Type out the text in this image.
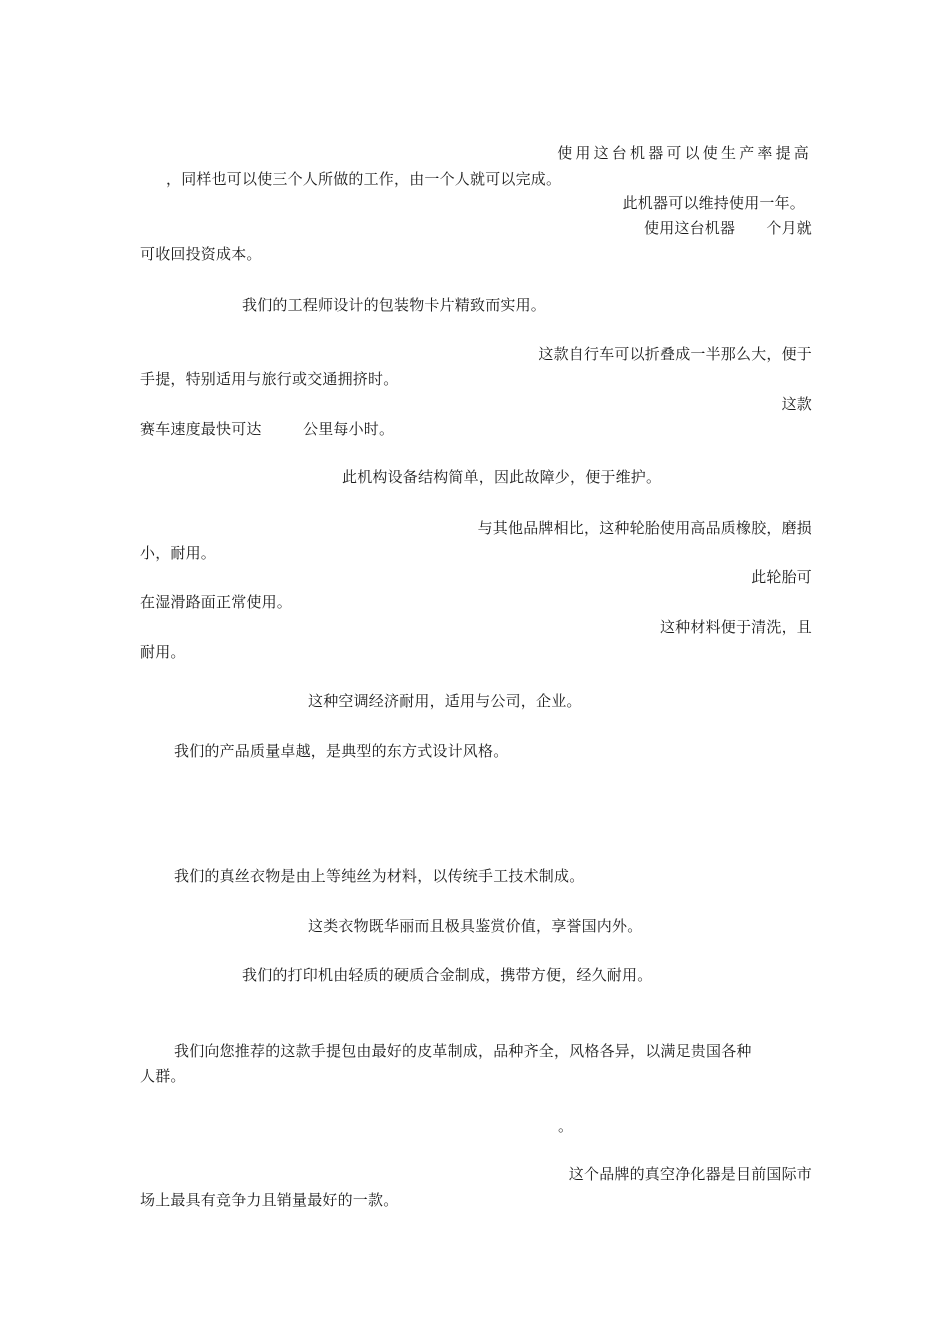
使用这台机器可以使生产率提高
，同样也可以使三个人所做的工作，由一个人就可以完成。
此机器可以维持使用一年。
使用这台机器 个月就
可收回投资成本。
我们的工程师设计的包装物卡片精致而实用。
这款自行车可以折叠成一半那么大，便于
手提，特别适用与旅行或交通拥挤时。
这款
赛车速度最快可达	公里每小时。
此机构设备结构简单，因此故障少，便于维护。
与其他品牌相比，这种轮胎使用高品质橡胶，磨损
小，耐用。
此轮胎可
在湿滑路面正常使用。
这种材料便于清洗，且
耐用。
这种空调经济耐用，适用与公司，企业。
我们的产品质量卓越，是典型的东方式设计风格。
我们的真丝衣物是由上等纯丝为材料，以传统手工技术制成。
这类衣物既华丽而且极具鉴赏价值，享誉国内外。
我们的打印机由轻质的硬质合金制成，携带方便，经久耐用。
我们向您推荐的这款手提包由最好的皮革制成，品种齐全，风格各异，以满足贵国各种
人群。
。
这个品牌的真空净化器是目前国际市
场上最具有竞争力且销量最好的一款。
